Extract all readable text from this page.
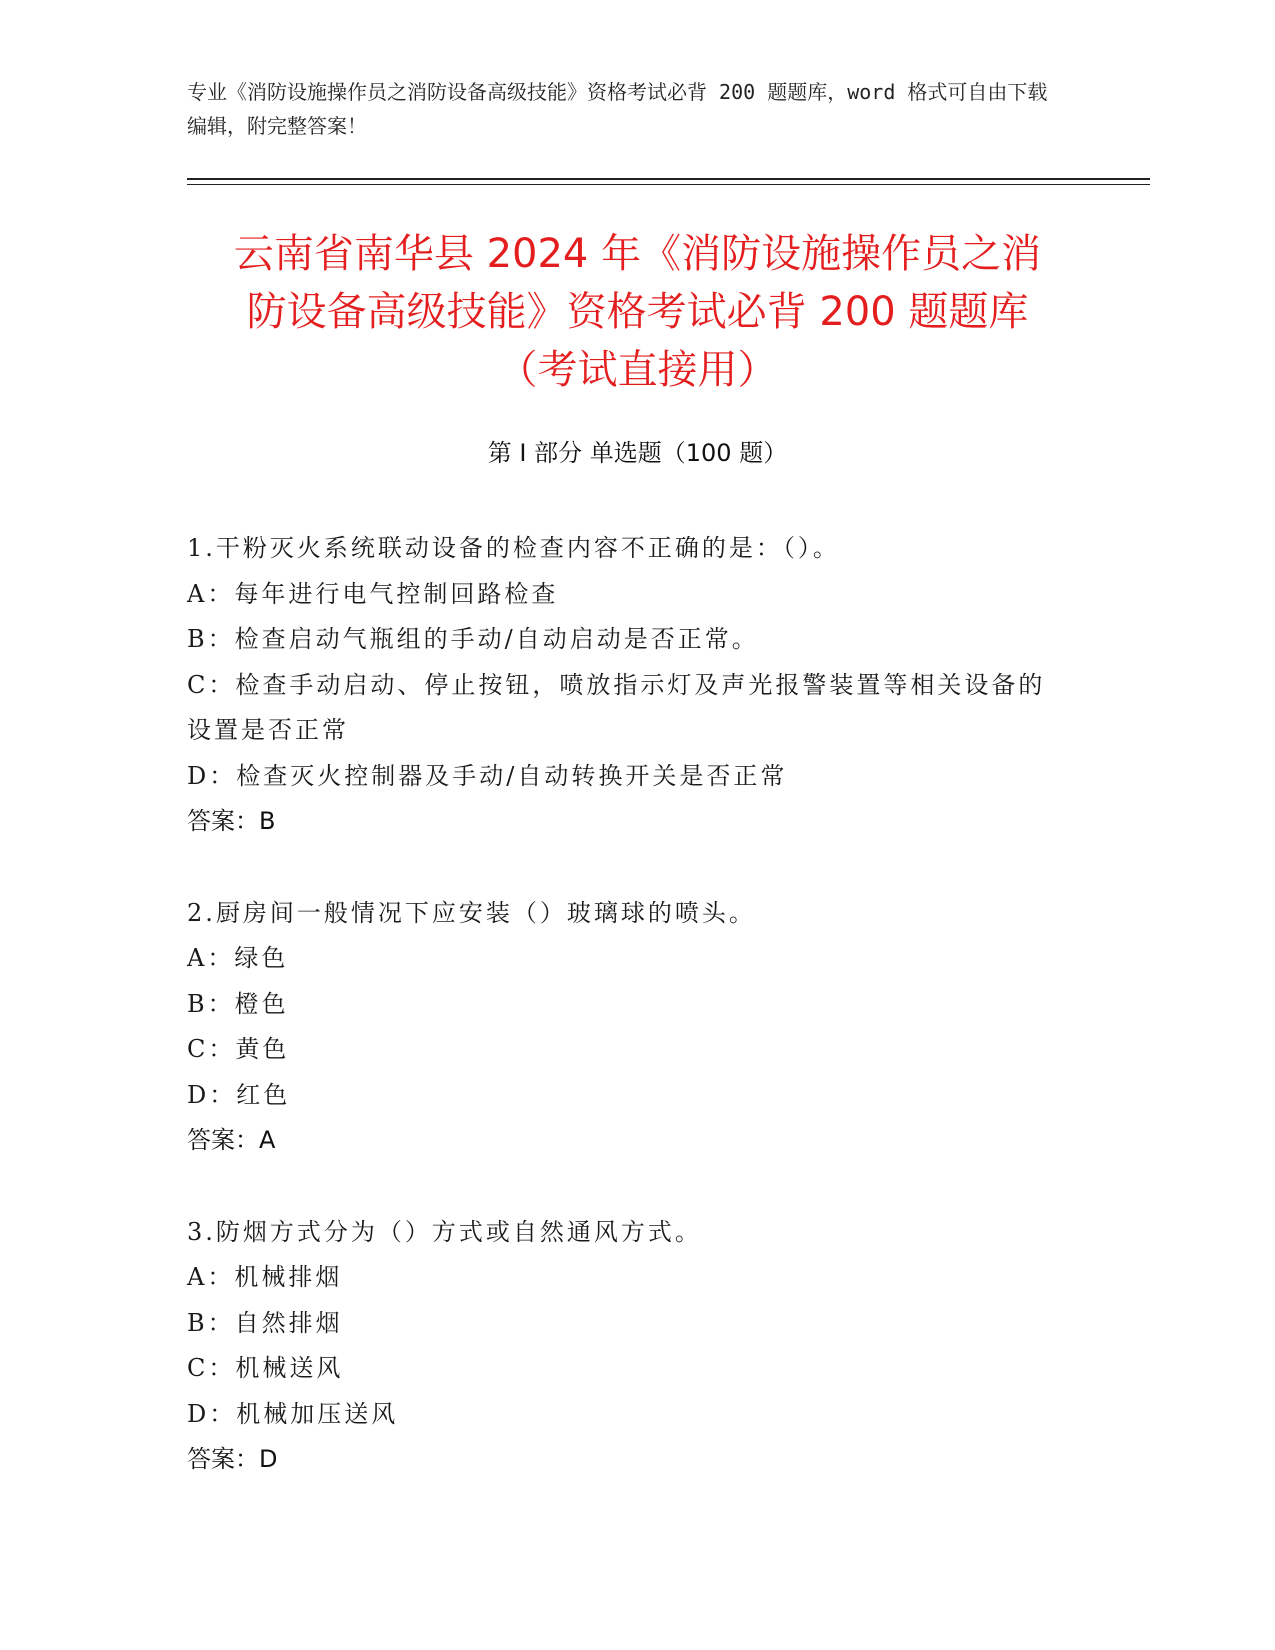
专业《消防设施操作员之消防设备高级技能》资格考试必背 200 题题库，word 格式可自由下载编辑，附完整答案！
云南省南华县 2024 年《消防设施操作员之消
防设备高级技能》资格考试必背 200 题题库
（考试直接用）
第 I 部分 单选题（100 题）
1.干粉灭火系统联动设备的检查内容不正确的是：（）。
A：每年进行电气控制回路检查
B：检查启动气瓶组的手动/自动启动是否正常。
C：检查手动启动、停止按钮，喷放指示灯及声光报警装置等相关设备的设置是否正常
D：检查灭火控制器及手动/自动转换开关是否正常
答案：B
2.厨房间一般情况下应安装（）玻璃球的喷头。
A：绿色
B：橙色
C：黄色
D：红色
答案：A
3.防烟方式分为（）方式或自然通风方式。
A：机械排烟
B：自然排烟
C：机械送风
D：机械加压送风
答案：D
